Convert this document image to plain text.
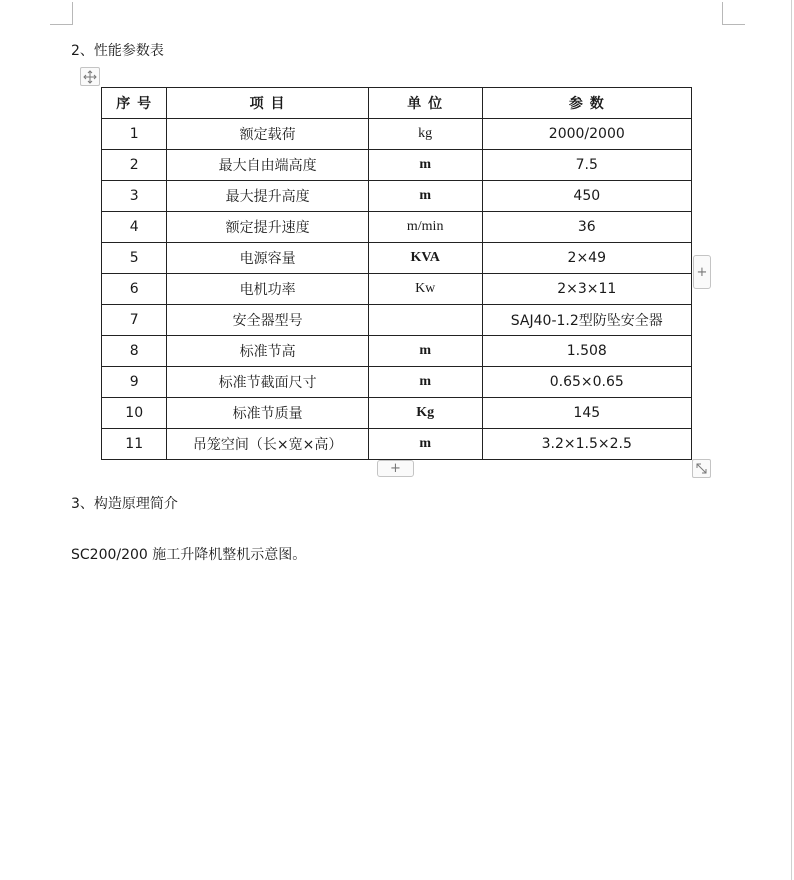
2、性能参数表
序 号	项 目	单 位	参 数
1	额定载荷	kg	2000/2000
2	最大自由端高度	m	7.5
3	最大提升高度	m	450
4	额定提升速度	m/min	36
5	电源容量	KVA	2×49
6	电机功率	Kw	2×3×11
7	安全器型号		SAJ40-1.2型防坠安全器
8	标准节高	m	1.508
9	标准节截面尺寸	m	0.65×0.65
10	标准节质量	Kg	145
11	吊笼空间（长×宽×高）	m	3.2×1.5×2.5
+
+
3、构造原理简介
SC200/200 施工升降机整机示意图。
